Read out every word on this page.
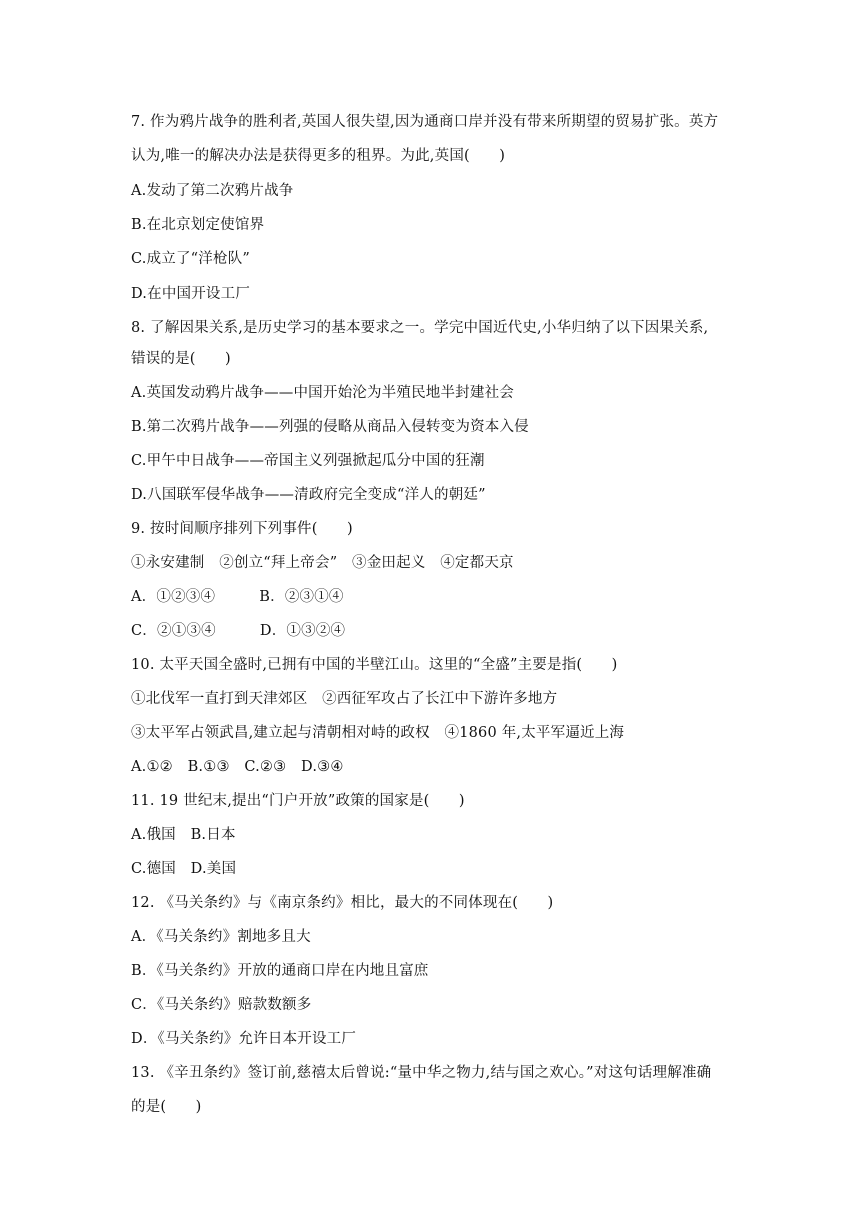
7. 作为鸦片战争的胜利者,英国人很失望,因为通商口岸并没有带来所期望的贸易扩张。英方
认为,唯一的解决办法是获得更多的租界。为此,英国(　　)
A.发动了第二次鸦片战争
B.在北京划定使馆界
C.成立了“洋枪队”
D.在中国开设工厂
8. 了解因果关系,是历史学习的基本要求之一。学完中国近代史,小华归纳了以下因果关系,
错误的是(　　)
A.英国发动鸦片战争——中国开始沦为半殖民地半封建社会
B.第二次鸦片战争——列强的侵略从商品入侵转变为资本入侵
C.甲午中日战争——帝国主义列强掀起瓜分中国的狂潮
D.八国联军侵华战争——清政府完全变成“洋人的朝廷”
9. 按时间顺序排列下列事件(　　)
①永安建制　②创立“拜上帝会”　③金田起义　④定都天京
A．①②③④　　　B．②③①④
C．②①③④　　　D．①③②④
10. 太平天国全盛时,已拥有中国的半壁江山。这里的“全盛”主要是指(　　)
①北伐军一直打到天津郊区　②西征军攻占了长江中下游许多地方
③太平军占领武昌,建立起与清朝相对峙的政权　④1860 年,太平军逼近上海
A.①②　B.①③　C.②③　D.③④
11. 19 世纪末,提出“门户开放”政策的国家是(　　)
A.俄国　B.日本
C.德国　D.美国
12. 《马关条约》与《南京条约》相比，最大的不同体现在(　　)
A．《马关条约》割地多且大
B．《马关条约》开放的通商口岸在内地且富庶
C．《马关条约》赔款数额多
D．《马关条约》允许日本开设工厂
13. 《辛丑条约》签订前,慈禧太后曾说:“量中华之物力,结与国之欢心。”对这句话理解准确
的是(　　)
